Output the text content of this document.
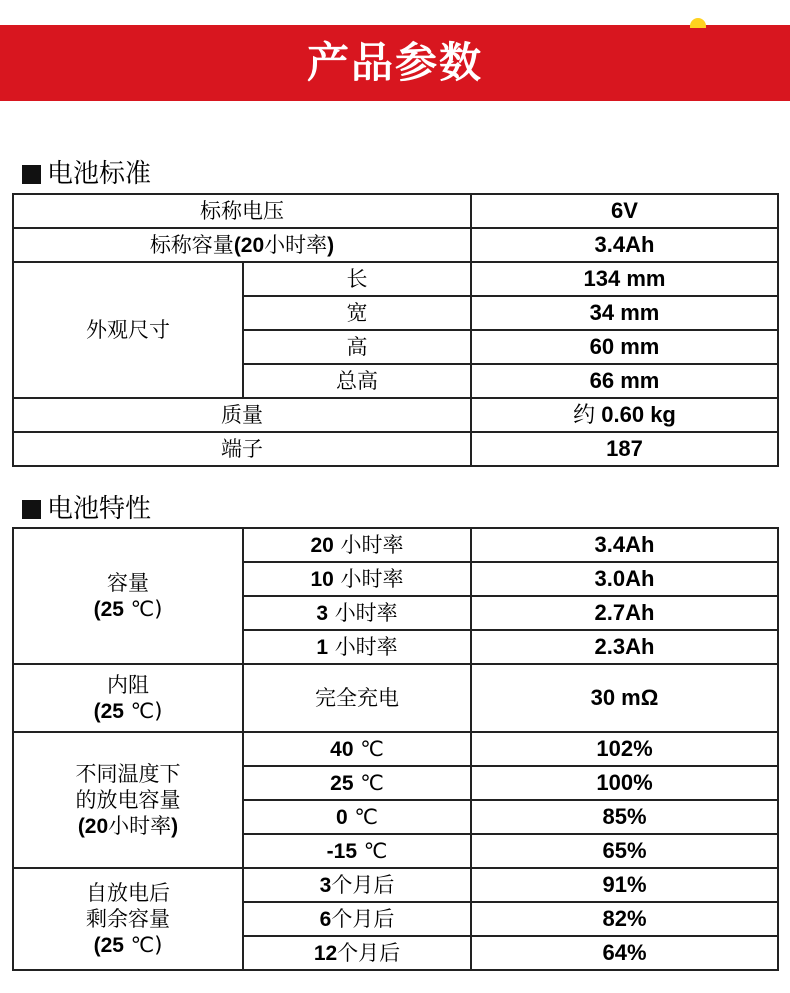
产品参数
电池标准
标称电压		6V
标称容量(20小时率)		3.4Ah
外观尺寸	长	134 mm
	宽	34 mm
	高	60 mm
	总高	66 mm
质量		约 0.60 kg
端子		187
电池特性
容量
(25 ℃)	20 小时率	3.4Ah
	10 小时率	3.0Ah
	3 小时率	2.7Ah
	1 小时率	2.3Ah

内阻
(25 ℃)	完全充电	30 mΩ

不同温度下
的放电容量
(20小时率)	40 ℃	102%
	25 ℃	100%
	0 ℃	85%
	-15 ℃	65%

自放电后
剩余容量
(25 ℃)	3个月后	91%
	6个月后	82%
	12个月后	64%
